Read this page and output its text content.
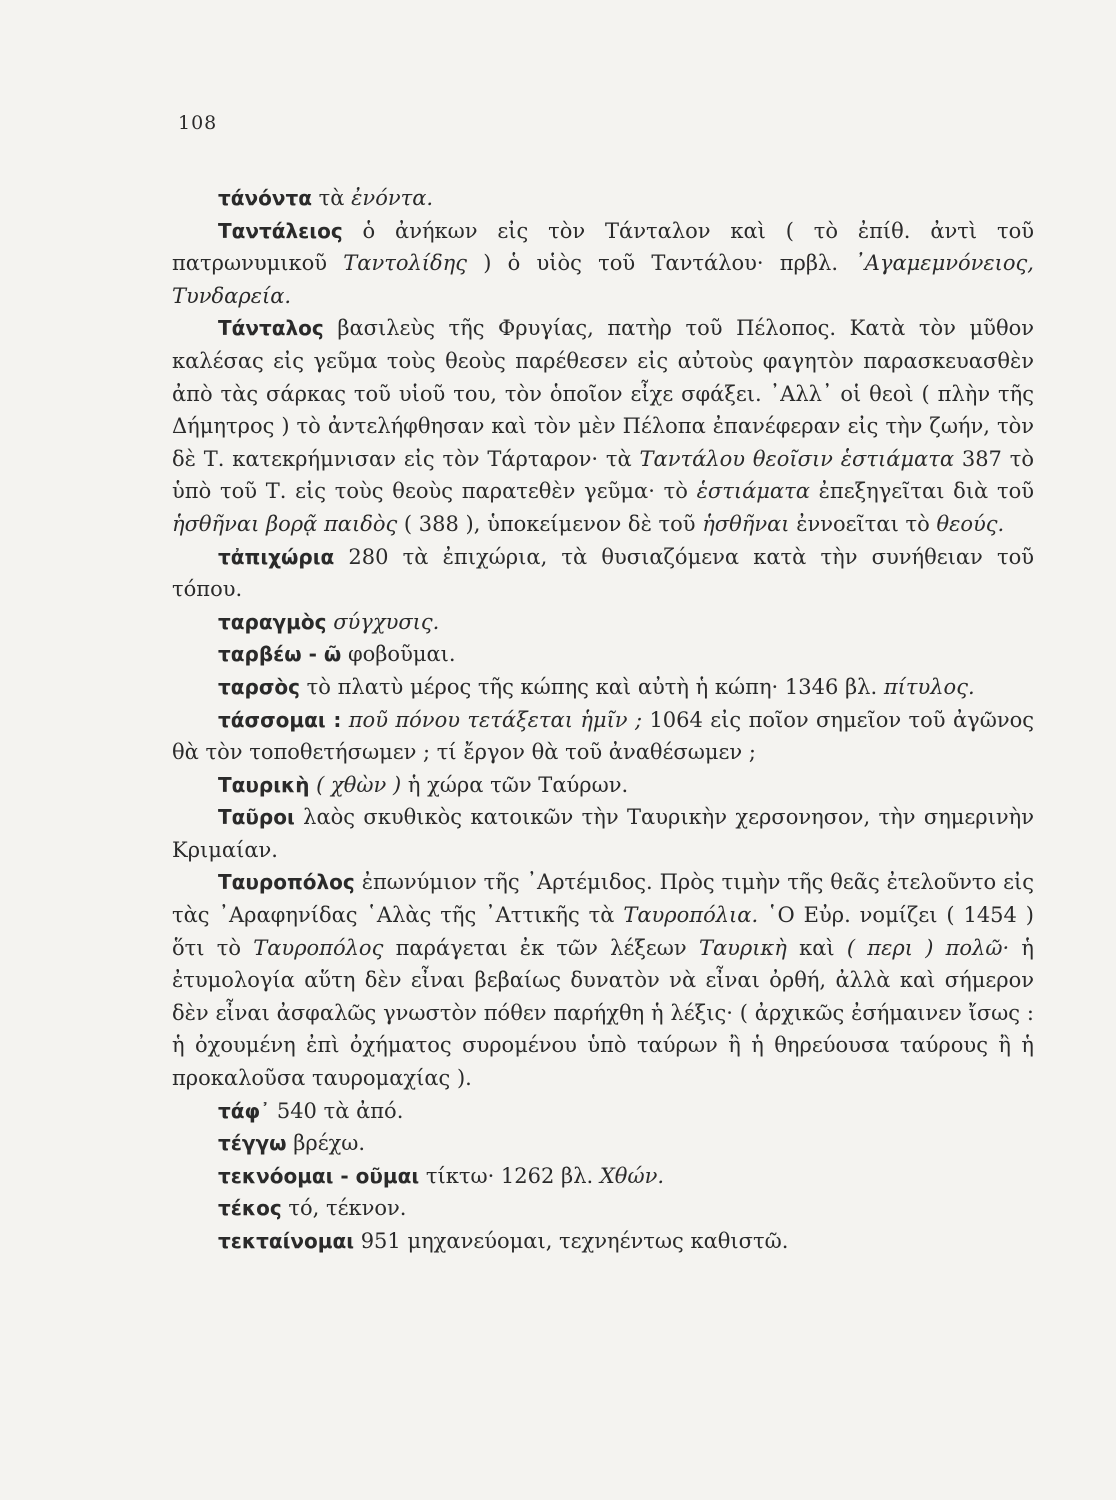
108

τάνόντα τὰ ἐνόντα.

Ταντάλειος ὁ ἀνήκων εἰς τὸν Τάνταλον καὶ ( τὸ ἐπίθ. ἀντὶ τοῦ πατρωνυμικοῦ Ταντολίδης ) ὁ υἱὸς τοῦ Ταντάλου· πρβλ. ᾿Αγαμεμνόνειος, Τυνδαρεία.

Τάνταλος βασιλεὺς τῆς Φρυγίας, πατὴρ τοῦ Πέλοπος. Κατὰ τὸν μῦθον καλέσας εἰς γεῦμα τοὺς θεοὺς παρέθεσεν εἰς αὐτοὺς φαγητὸν παρασκευασθὲν ἀπὸ τὰς σάρκας τοῦ υἱοῦ του, τὸν ὁποῖον εἶχε σφάξει. ᾿Αλλ᾿ οἱ θεοὶ ( πλὴν τῆς Δήμητρος ) τὸ ἀντελήφθησαν καὶ τὸν μὲν Πέλοπα ἐπανέφεραν εἰς τὴν ζωήν, τὸν δὲ Τ. κατεκρήμνισαν εἰς τὸν Τάρταρον· τὰ Ταντάλου θεοῖσιν ἑστιάματα 387 τὸ ὑπὸ τοῦ Τ. εἰς τοὺς θεοὺς παρατεθὲν γεῦμα· τὸ ἑστιάματα ἐπεξηγεῖται διὰ τοῦ ἡσθῆναι βορᾷ παιδὸς ( 388 ), ὑποκείμενον δὲ τοῦ ἡσθῆναι ἐννοεῖται τὸ θεούς.

τἀπιχώρια 280 τὰ ἐπιχώρια, τὰ θυσιαζόμενα κατὰ τὴν συνήθειαν τοῦ τόπου.

ταραγμὸς σύγχυσις.

ταρβέω - ῶ φοβοῦμαι.

ταρσὸς τὸ πλατὺ μέρος τῆς κώπης καὶ αὐτὴ ἡ κώπη· 1346 βλ. πίτυλος.

τάσσομαι : ποῦ πόνου τετάξεται ἡμῖν ; 1064 εἰς ποῖον σημεῖον τοῦ ἀγῶνος θὰ τὸν τοποθετήσωμεν ; τί ἔργον θὰ τοῦ ἀναθέσωμεν ;

Ταυρικὴ ( χθὼν ) ἡ χώρα τῶν Ταύρων.

Ταῦροι λαὸς σκυθικὸς κατοικῶν τὴν Ταυρικὴν χερσονησον, τὴν σημερινὴν Κριμαίαν.

Ταυροπόλος ἐπωνύμιον τῆς ᾿Αρτέμιδος. Πρὸς τιμὴν τῆς θεᾶς ἐτελοῦντο εἰς τὰς ᾿Αραφηνίδας ῾Αλὰς τῆς ᾿Αττικῆς τὰ Ταυροπόλια. ῾Ο Εὐρ. νομίζει ( 1454 ) ὅτι τὸ Ταυροπόλος παράγεται ἐκ τῶν λέξεων Ταυρικὴ καὶ ( περι ) πολῶ· ἡ ἐτυμολογία αὕτη δὲν εἶναι βεβαίως δυνατὸν νὰ εἶναι ὀρθή, ἀλλὰ καὶ σήμερον δὲν εἶναι ἀσφαλῶς γνωστὸν πόθεν παρήχθη ἡ λέξις· ( ἀρχικῶς ἐσήμαινεν ἴσως : ἡ ὀχουμένη ἐπὶ ὀχήματος συρομένου ὑπὸ ταύρων ἢ ἡ θηρεύουσα ταύρους ἢ ἡ προκαλοῦσα ταυρομαχίας ).

τάφ᾿ 540 τὰ ἀπό.

τέγγω βρέχω.

τεκνόομαι - οῦμαι τίκτω· 1262 βλ. Χθών.

τέκος τό, τέκνον.

τεκταίνομαι 951 μηχανεύομαι, τεχνηέντως καθιστῶ.
